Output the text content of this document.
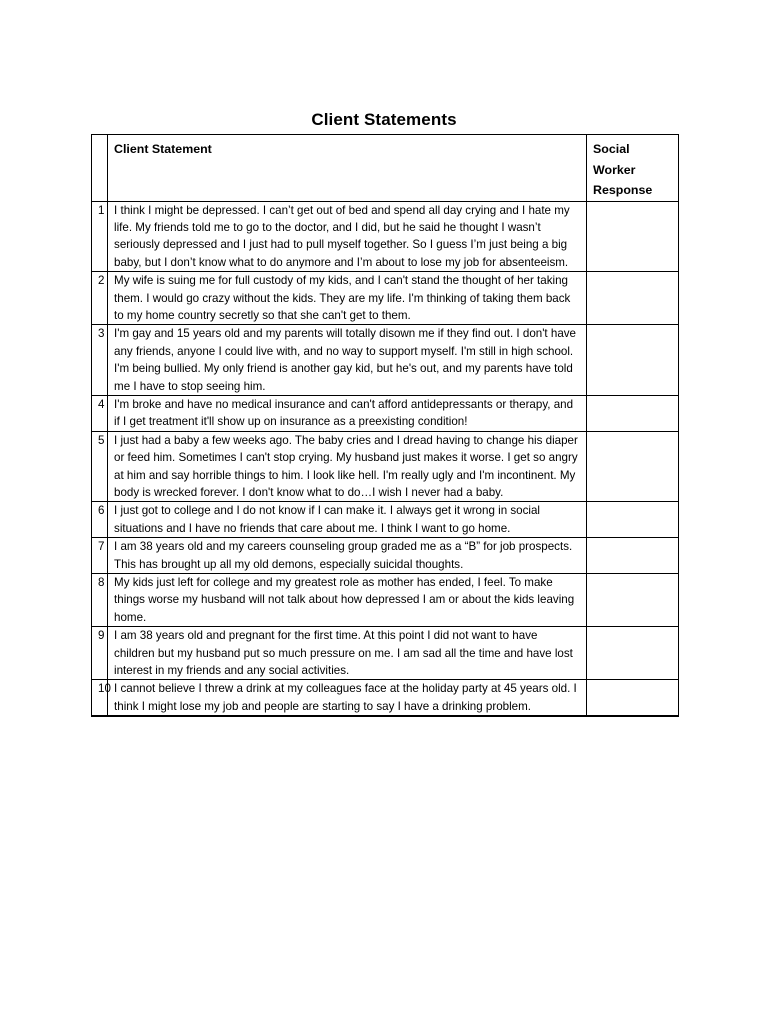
Client Statements
	Client Statement	Social Worker Response
1	I think I might be depressed. I can’t get out of bed and spend all day crying and I hate my life. My friends told me to go to the doctor, and I did, but he said he thought I wasn’t seriously depressed and I just had to pull myself together. So I guess I’m just being a big baby, but I don’t know what to do anymore and I’m about to lose my job for absenteeism.	
2	My wife is suing me for full custody of my kids, and I can't stand the thought of her taking them. I would go crazy without the kids. They are my life. I'm thinking of taking them back to my home country secretly so that she can't get to them.	
3	I'm gay and 15 years old and my parents will totally disown me if they find out. I don't have any friends, anyone I could live with, and no way to support myself. I'm still in high school. I'm being bullied. My only friend is another gay kid, but he's out, and my parents have told me I have to stop seeing him.	
4	I'm broke and have no medical insurance and can't afford antidepressants or therapy, and if I get treatment it'll show up on insurance as a preexisting condition!	
5	I just had a baby a few weeks ago. The baby cries and I dread having to change his diaper or feed him. Sometimes I can't stop crying. My husband just makes it worse. I get so angry at him and say horrible things to him. I look like hell. I'm really ugly and I'm incontinent. My body is wrecked forever. I don't know what to do…I wish I never had a baby.	
6	I just got to college and I do not know if I can make it. I always get it wrong in social situations and I have no friends that care about me. I think I want to go home.	
7	I am 38 years old and my careers counseling group graded me as a “B” for job prospects. This has brought up all my old demons, especially suicidal thoughts.	
8	My kids just left for college and my greatest role as mother has ended, I feel. To make things worse my husband will not talk about how depressed I am or about the kids leaving home.	
9	I am 38 years old and pregnant for the first time. At this point I did not want to have children but my husband put so much pressure on me. I am sad all the time and have lost interest in my friends and any social activities.	
10	I cannot believe I threw a drink at my colleagues face at the holiday party at 45 years old. I think I might lose my job and people are starting to say I have a drinking problem.	
